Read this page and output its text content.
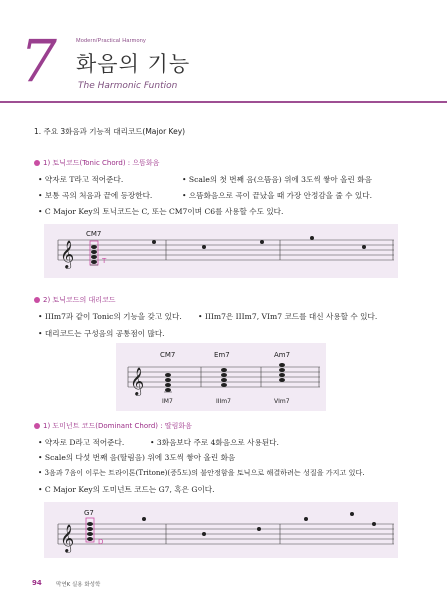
7	Modern/Practical Harmony
화음의 기능
The Harmonic Funtion
1. 주요 3화음과 기능적 대리코드(Major Key)
1) 토닉코드(Tonic Chord) : 으뜸화음
• 약자로 T라고 적어준다.	• Scale의 첫 번째 음(으뜸음) 위에 3도씩 쌓아 올린 화음
• 보통 곡의 처음과 끝에 등장한다.	• 으뜸화음으로 곡이 끝났을 때 가장 안정감을 줄 수 있다.
• C Major Key의 토닉코드는 C, 또는 CM7이며 C6를 사용할 수도 있다.
𝄞
CM7
T
2) 토닉코드의 대리코드
• IIIm7과 같이 Tonic의 기능을 갖고 있다. • IIIm7은 IIIm7, VIm7 코드를 대신 사용할 수 있다.
• 대리코드는 구성음의 공통점이 많다.
𝄞
CM7	Em7	Am7
IM7	IIIm7	VIm7
1) 도미넌트 코드(Dominant Chord) : 딸림화음
• 약자로 D라고 적어준다.	• 3화음보다 주로 4화음으로 사용된다.
• Scale의 다섯 번째 음(딸림음) 위에 3도씩 쌓아 올린 화음
• 3음과 7음이 이루는 트라이톤(Tritone)(증5도)의 불안정함을 토닉으로 해결하려는 성질을 가지고 있다.
• C Major Key의 도미넌트 코드는 G7, 혹은 G이다.
𝄞
G7
D
94	막연K 실용 화성학
